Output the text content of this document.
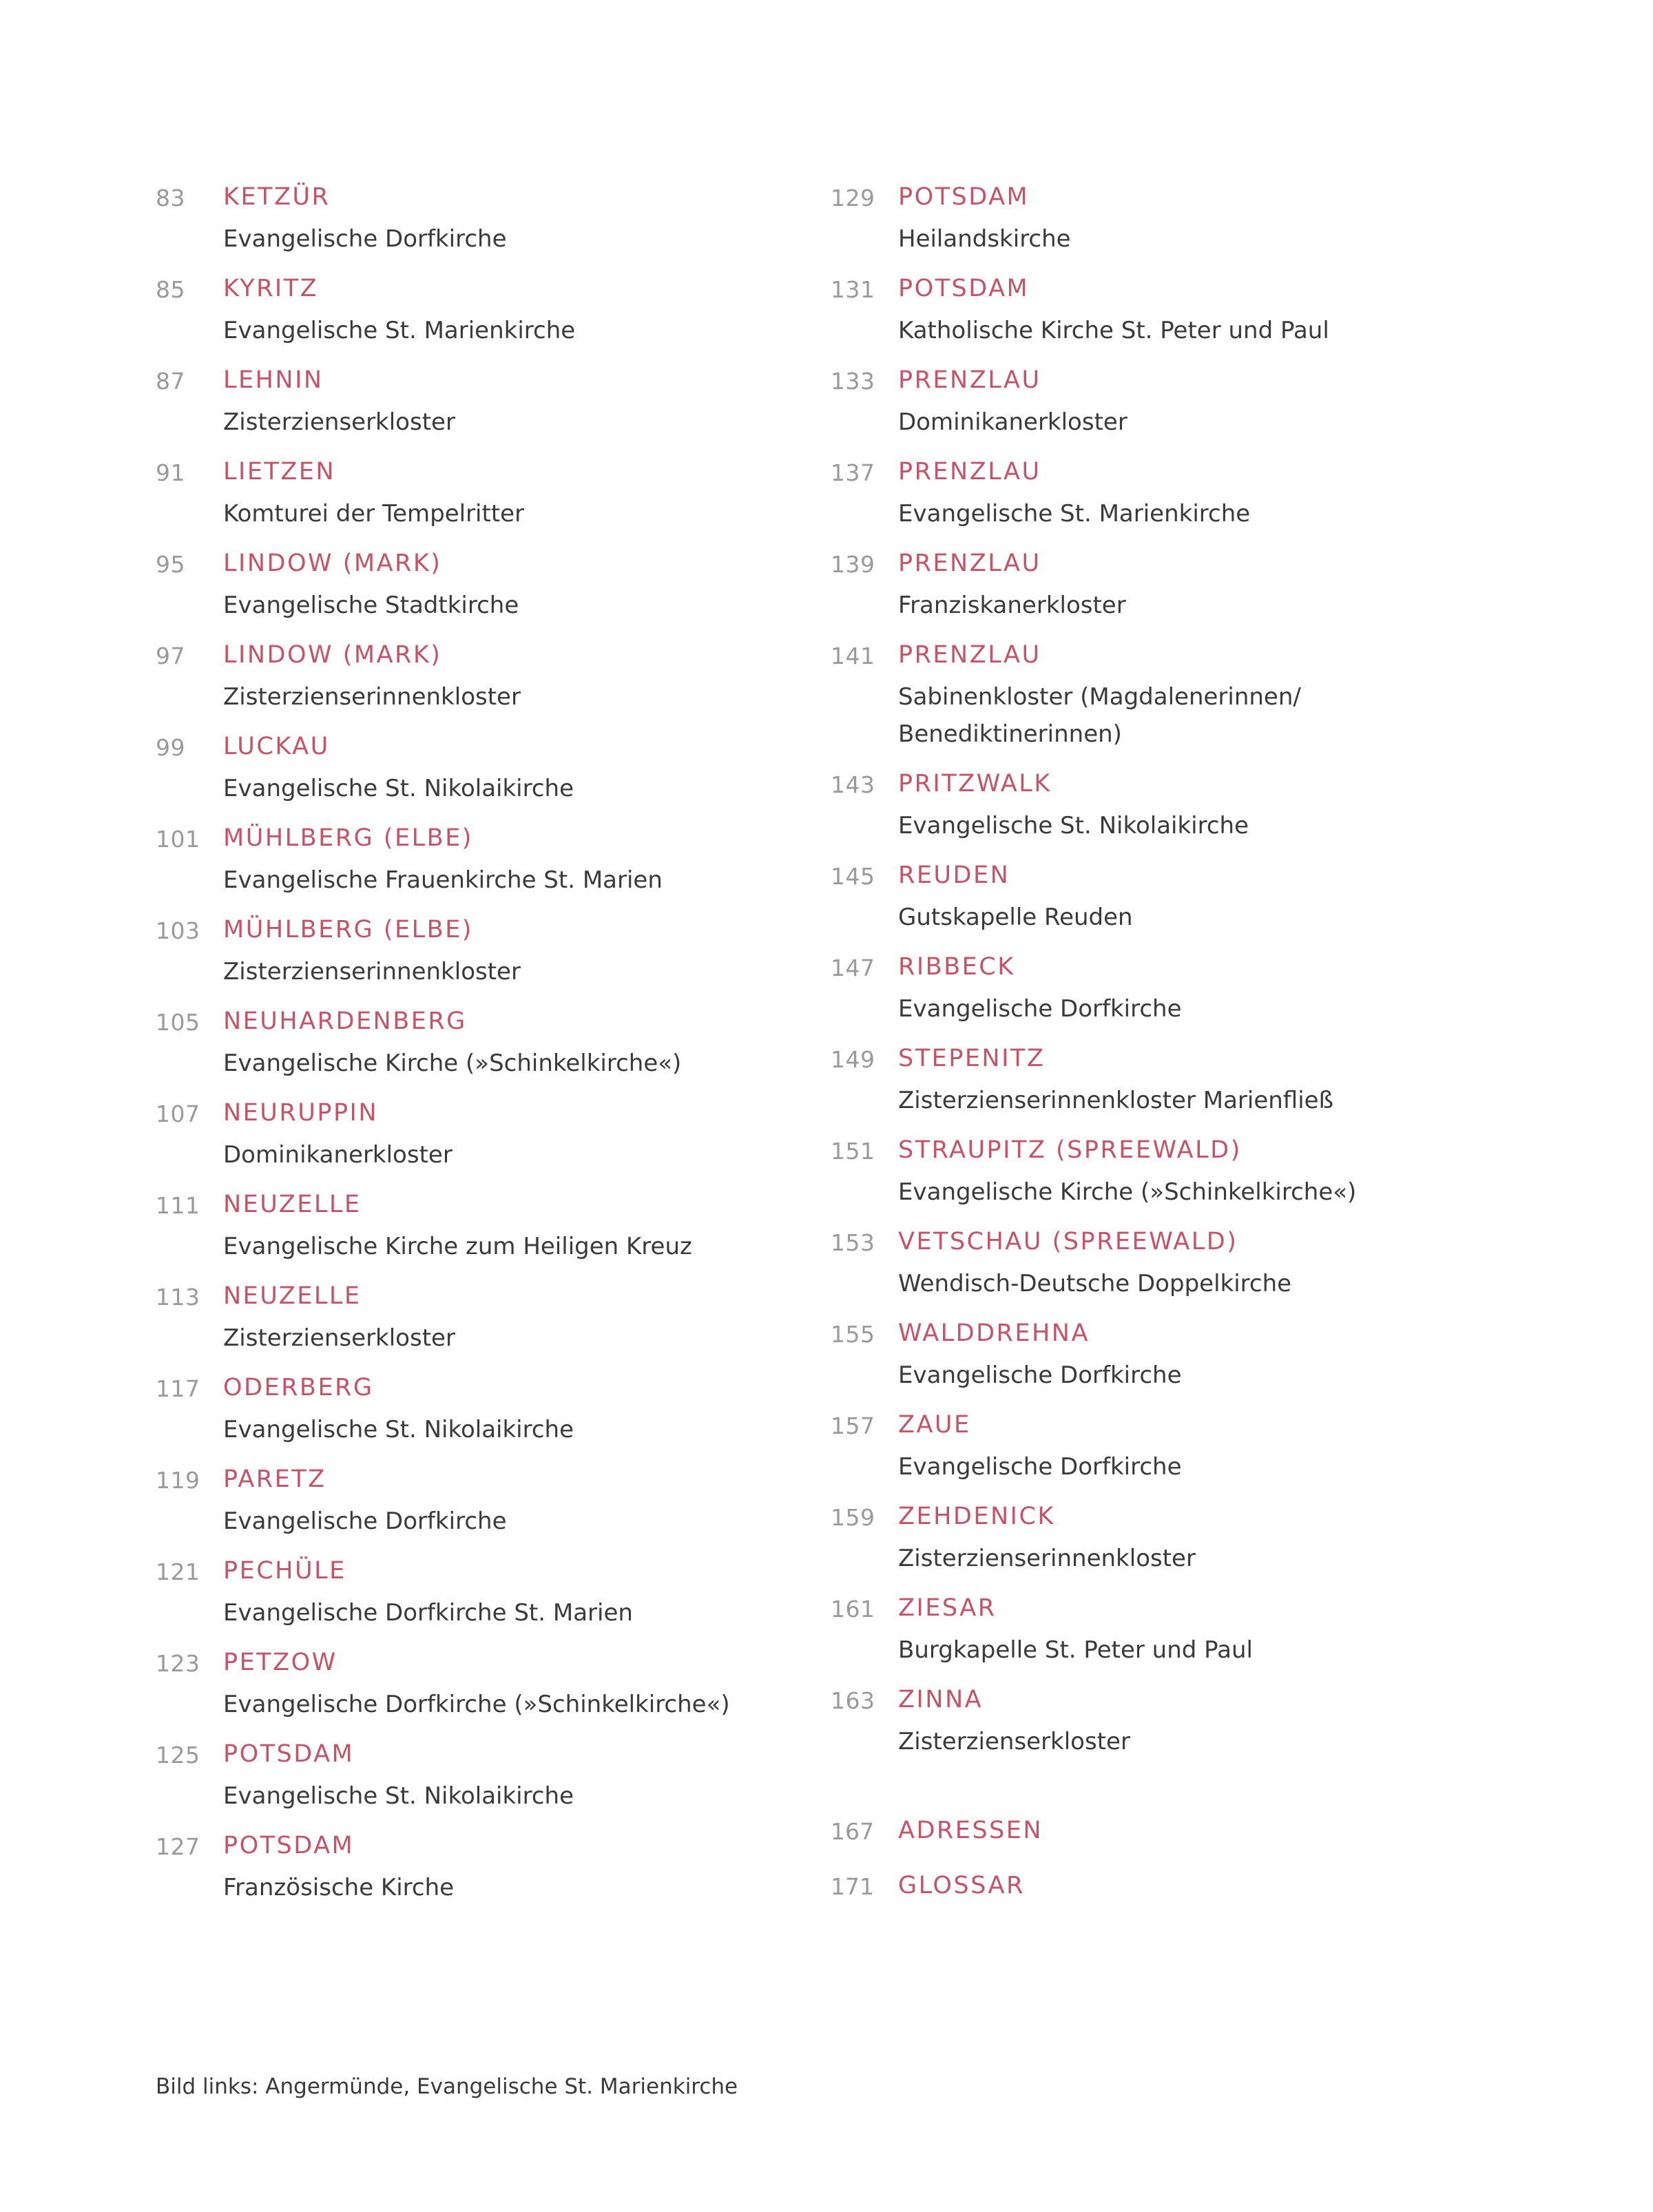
83	KETZÜR
Evangelische Dorfkirche
85	KYRITZ
Evangelische St. Marienkirche
87	LEHNIN
Zisterzienserkloster
91	LIETZEN
Komturei der Tempelritter
95	LINDOW (MARK)
Evangelische Stadtkirche
97	LINDOW (MARK)
Zisterzienserinnenkloster
99	LUCKAU
Evangelische St. Nikolaikirche
101 MÜHLBERG (ELBE)
Evangelische Frauenkirche St. Marien
103 MÜHLBERG (ELBE)
Zisterzienserinnenkloster
105 NEUHARDENBERG
Evangelische Kirche (»Schinkelkirche«)
107 NEURUPPIN
Dominikanerkloster
111 NEUZELLE
Evangelische Kirche zum Heiligen Kreuz
113 NEUZELLE
Zisterzienserkloster
117 ODERBERG
Evangelische St. Nikolaikirche
119 PARETZ
Evangelische Dorfkirche
121 PECHÜLE
Evangelische Dorfkirche St. Marien
123 PETZOW
Evangelische Dorfkirche (»Schinkelkirche«)
125 POTSDAM
Evangelische St. Nikolaikirche
127 POTSDAM
Französische Kirche
129 POTSDAM
Heilandskirche
131 POTSDAM
Katholische Kirche St. Peter und Paul
133 PRENZLAU
Dominikanerkloster
137 PRENZLAU
Evangelische St. Marienkirche
139 PRENZLAU
Franziskanerkloster
141 PRENZLAU
Sabinenkloster (Magdalenerinnen/ Benediktinerinnen)
143 PRITZWALK
Evangelische St. Nikolaikirche
145 REUDEN
Gutskapelle Reuden
147 RIBBECK
Evangelische Dorfkirche
149 STEPENITZ
Zisterzienserinnenkloster Marienfließ
151 STRAUPITZ (SPREEWALD)
Evangelische Kirche (»Schinkelkirche«)
153 VETSCHAU (SPREEWALD)
Wendisch-Deutsche Doppelkirche
155 WALDDREHNA
Evangelische Dorfkirche
157 ZAUE
Evangelische Dorfkirche
159 ZEHDENICK
Zisterzienserinnenkloster
161 ZIESAR
Burgkapelle St. Peter und Paul
163 ZINNA
Zisterzienserkloster
167 ADRESSEN
171 GLOSSAR
Bild links: Angermünde, Evangelische St. Marienkirche
